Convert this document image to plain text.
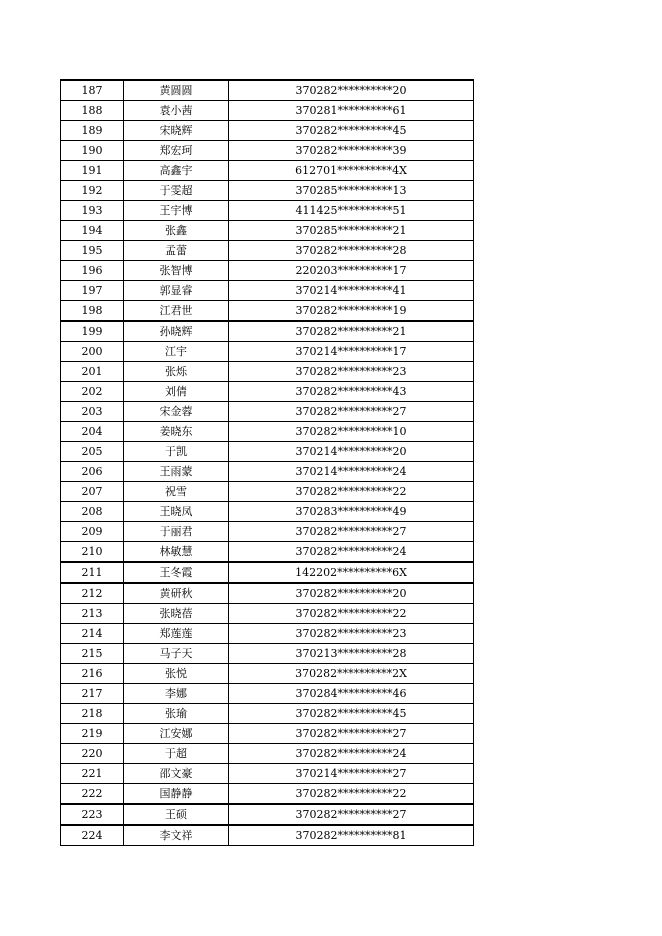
187	黄圆圆	370282**********20
188	袁小茜	370281**********61
189	宋晓辉	370282**********45
190	郑宏珂	370282**********39
191	高鑫宇	612701**********4X
192	于雯超	370285**********13
193	王宇博	411425**********51
194	张鑫	370285**********21
195	孟蕾	370282**********28
196	张智博	220203**********17
197	郭显睿	370214**********41
198	江君世	370282**********19
199	孙晓辉	370282**********21
200	江宇	370214**********17
201	张烁	370282**********23
202	刘倩	370282**********43
203	宋金蓉	370282**********27
204	姜晓东	370282**********10
205	于凯	370214**********20
206	王雨蒙	370214**********24
207	祝雪	370282**********22
208	王晓凤	370283**********49
209	于丽君	370282**********27
210	林敏慧	370282**********24
211	王冬霞	142202**********6X
212	黄研秋	370282**********20
213	张晓蓓	370282**********22
214	郑莲莲	370282**********23
215	马子天	370213**********28
216	张悦	370282**********2X
217	李娜	370284**********46
218	张瑜	370282**********45
219	江安娜	370282**********27
220	于超	370282**********24
221	邵文豪	370214**********27
222	国静静	370282**********22
223	王硕	370282**********27
224	李文祥	370282**********81
